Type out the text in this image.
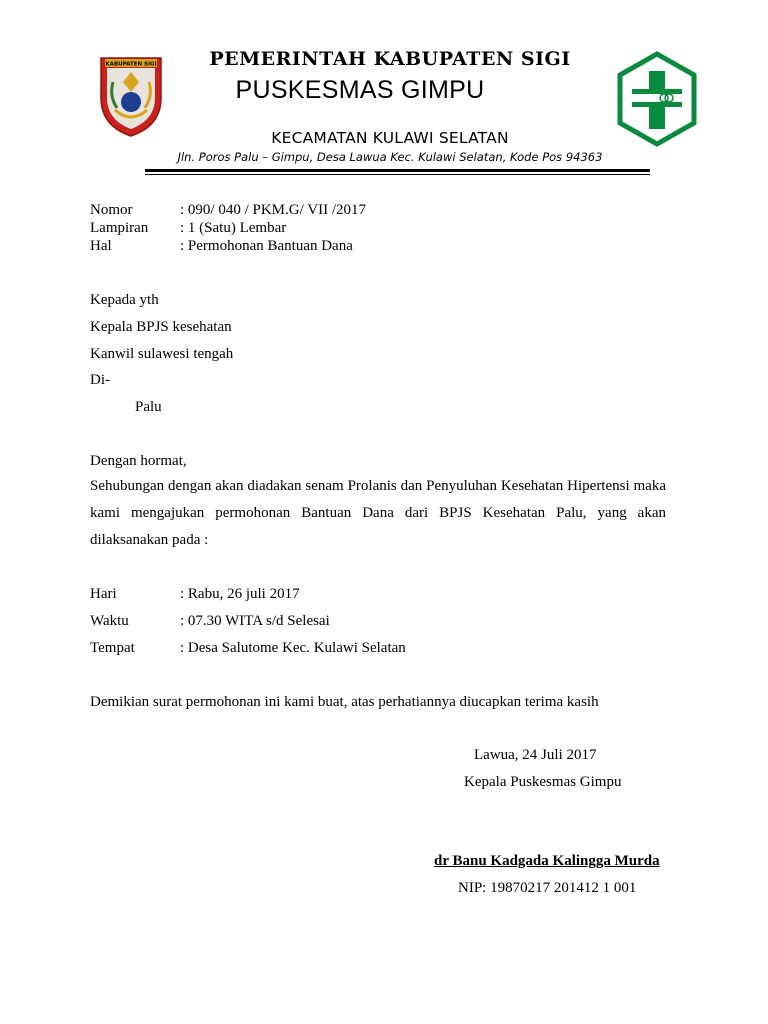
KABUPATEN SIGI	PEMERINTAH KABUPATEN SIGI
PUSKESMAS GIMPU
KECAMATAN KULAWI SELATAN
Jln. Poros Palu – Gimpu, Desa Lawua Kec. Kulawi Selatan, Kode Pos 94363
Nomor	: 090/ 040 / PKM.G/ VII /2017
Lampiran : 1 (Satu) Lembar
Hal	: Permohonan Bantuan Dana
Kepada yth
Kepala BPJS kesehatan
Kanwil sulawesi tengah
Di-
Palu
Dengan hormat,
Sehubungan dengan akan diadakan senam Prolanis dan Penyuluhan Kesehatan Hipertensi maka kami mengajukan permohonan Bantuan Dana dari BPJS Kesehatan Palu, yang akan dilaksanakan pada :
Hari	: Rabu, 26 juli 2017
Waktu	: 07.30 WITA s/d Selesai
Tempat	: Desa Salutome Kec. Kulawi Selatan
Demikian surat permohonan ini kami buat, atas perhatiannya diucapkan terima kasih
Lawua, 24 Juli 2017
Kepala Puskesmas Gimpu
dr Banu Kadgada Kalingga Murda
NIP: 19870217 201412 1 001
